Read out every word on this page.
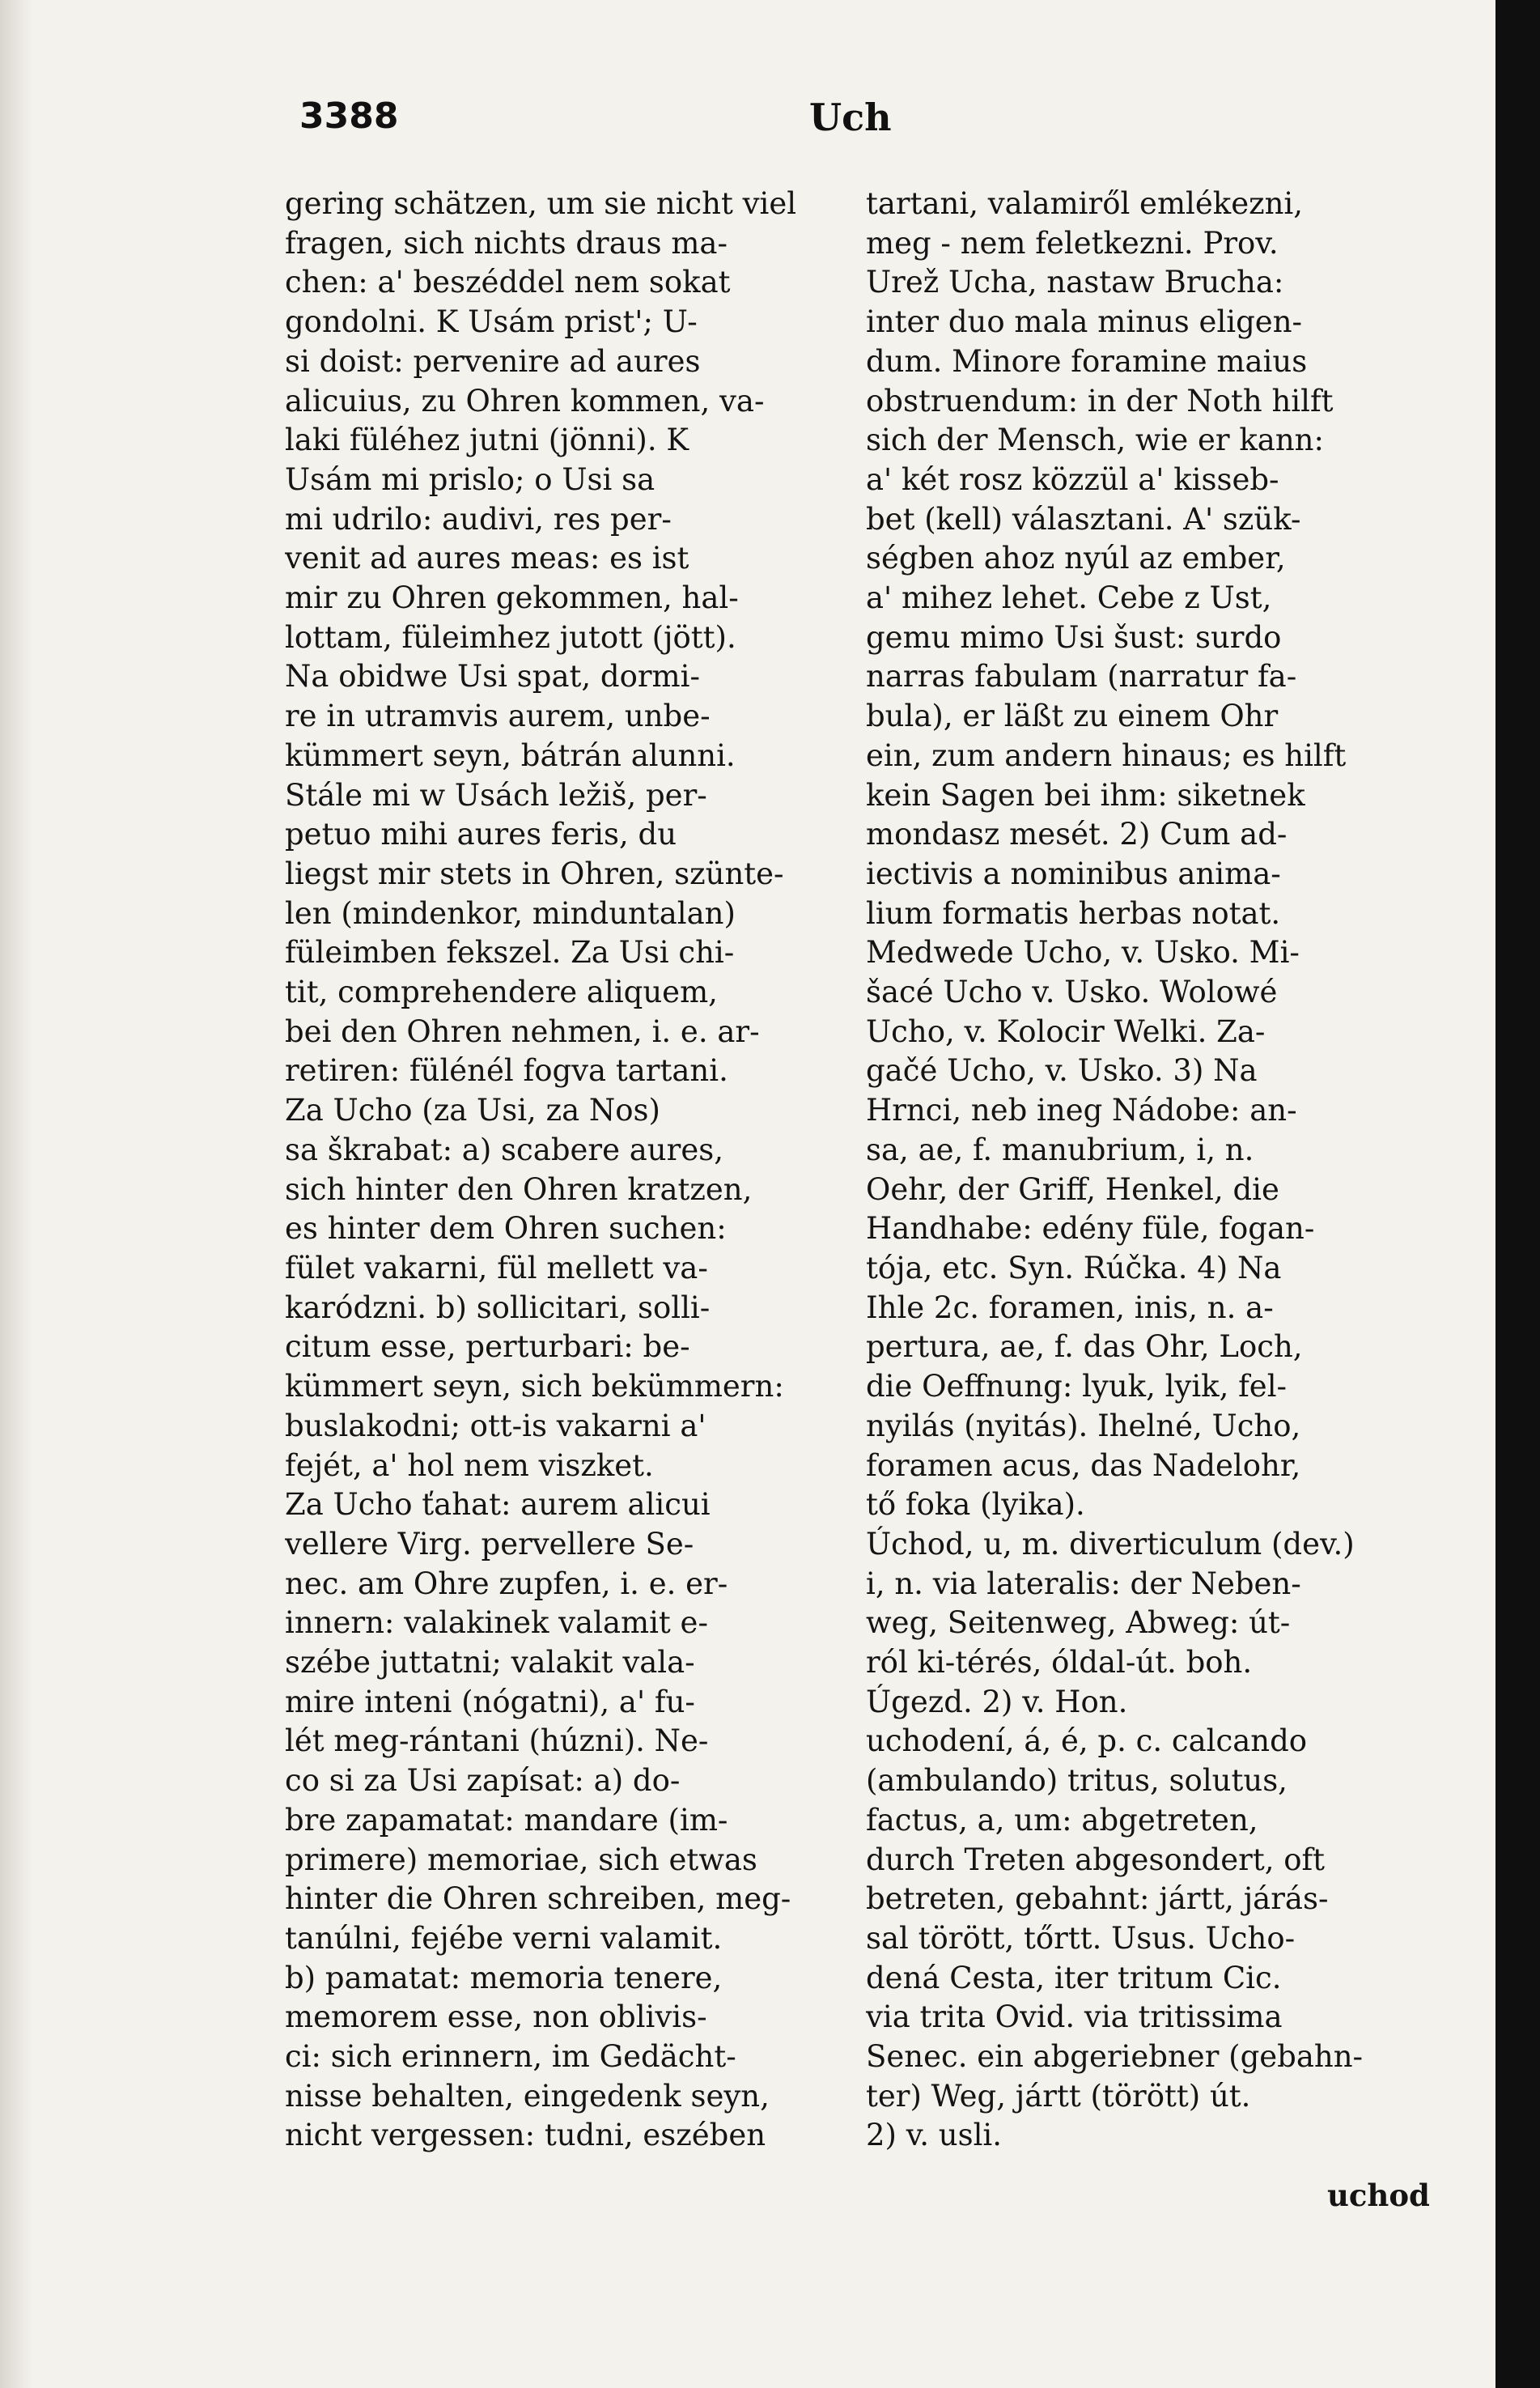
3388	Uch
gering schätzen, um sie nicht viel
fragen, sich nichts draus ma-
chen: a' beszéddel nem sokat
gondolni. K Usám prist'; U-
si doist: pervenire ad aures
alicuius, zu Ohren kommen, va-
laki füléhez jutni (jönni). K
Usám mi prislo; o Usi sa
mi udrilo: audivi, res per-
venit ad aures meas: es ist
mir zu Ohren gekommen, hal-
lottam, füleimhez jutott (jött).
Na obidwe Usi spat, dormi-
re in utramvis aurem, unbe-
kümmert seyn, bátrán alunni.
Stále mi w Usách ležiš, per-
petuo mihi aures feris, du
liegst mir stets in Ohren, szünte-
len (mindenkor, minduntalan)
füleimben fekszel. Za Usi chi-
tit, comprehendere aliquem,
bei den Ohren nehmen, i. e. ar-
retiren: fülénél fogva tartani.
Za Ucho (za Usi, za Nos)
sa škrabat: a) scabere aures,
sich hinter den Ohren kratzen,
es hinter dem Ohren suchen:
fület vakarni, fül mellett va-
karódzni. b) sollicitari, solli-
citum esse, perturbari: be-
kümmert seyn, sich bekümmern:
buslakodni; ott-is vakarni a'
fejét, a' hol nem viszket.
Za Ucho ťahat: aurem alicui
vellere Virg. pervellere Se-
nec. am Ohre zupfen, i. e. er-
innern: valakinek valamit e-
szébe juttatni; valakit vala-
mire inteni (nógatni), a' fu-
lét meg-rántani (húzni). Ne-
co si za Usi zapísat: a) do-
bre zapamatat: mandare (im-
primere) memoriae, sich etwas
hinter die Ohren schreiben, meg-
tanúlni, fejébe verni valamit.
b) pamatat: memoria tenere,
memorem esse, non oblivis-
ci: sich erinnern, im Gedächt-
nisse behalten, eingedenk seyn,
nicht vergessen: tudni, eszében
tartani, valamiről emlékezni,
meg - nem feletkezni. Prov.
Urež Ucha, nastaw Brucha:
inter duo mala minus eligen-
dum. Minore foramine maius
obstruendum: in der Noth hilft
sich der Mensch, wie er kann:
a' két rosz közzül a' kisseb-
bet (kell) választani. A' szük-
ségben ahoz nyúl az ember,
a' mihez lehet. Cebe z Ust,
gemu mimo Usi šust: surdo
narras fabulam (narratur fa-
bula), er läßt zu einem Ohr
ein, zum andern hinaus; es hilft
kein Sagen bei ihm: siketnek
mondasz mesét. 2) Cum ad-
iectivis a nominibus anima-
lium formatis herbas notat.
Medwede Ucho, v. Usko. Mi-
šacé Ucho v. Usko. Wolowé
Ucho, v. Kolocir Welki. Za-
gačé Ucho, v. Usko. 3) Na
Hrnci, neb ineg Nádobe: an-
sa, ae, f. manubrium, i, n.
Oehr, der Griff, Henkel, die
Handhabe: edény füle, fogan-
tója, etc. Syn. Rúčka. 4) Na
Ihle 2c. foramen, inis, n. a-
pertura, ae, f. das Ohr, Loch,
die Oeffnung: lyuk, lyik, fel-
nyilás (nyitás). Ihelné, Ucho,
foramen acus, das Nadelohr,
tő foka (lyika).
Úchod, u, m. diverticulum (dev.)
i, n. via lateralis: der Neben-
weg, Seitenweg, Abweg: út-
ról ki-térés, óldal-út. boh.
Úgezd. 2) v. Hon.
uchodení, á, é, p. c. calcando
(ambulando) tritus, solutus,
factus, a, um: abgetreten,
durch Treten abgesondert, oft
betreten, gebahnt: jártt, járás-
sal törött, tőrtt. Usus. Ucho-
dená Cesta, iter tritum Cic.
via trita Ovid. via tritissima
Senec. ein abgeriebner (gebahn-
ter) Weg, jártt (törött) út.
2) v. usli.
uchod
